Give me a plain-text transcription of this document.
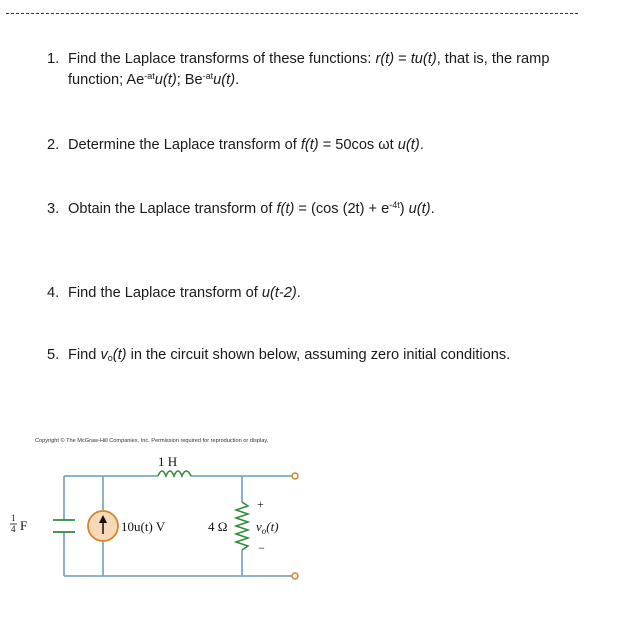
1. Find the Laplace transforms of these functions: r(t) = tu(t), that is, the ramp
function; $Ae^{-at}u(t)$; $Be^{-at}u(t)$.
2. Determine the Laplace transform of f(t) = 50cos ωt u(t).
3. Obtain the Laplace transform of f(t) = (cos $(2t) + e^{-4t}$) u(t).
4. Find the Laplace transform of u(t-2).
5. Find $v_o(t)$ in the circuit shown below, assuming zero initial conditions.
Copyright © The McGraw-Hill Companies, Inc. Permission required for reproduction or display.
1 H
1
4 F	10u(t) V	4 Ω
+
$v_o(t)$
−
